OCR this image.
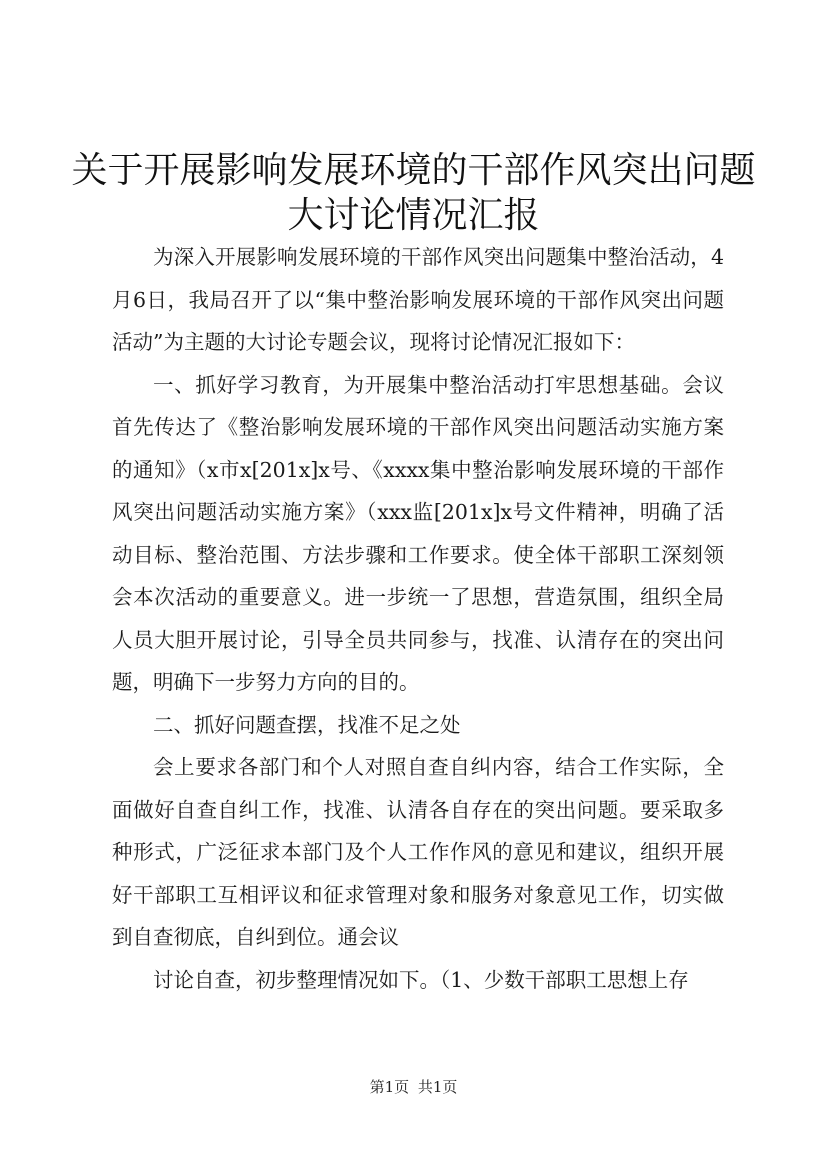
关于开展影响发展环境的干部作风突出问题大讨论情况汇报

为深入开展影响发展环境的干部作风突出问题集中整治活动，4月6日，我局召开了以“集中整治影响发展环境的干部作风突出问题活动”为主题的大讨论专题会议，现将讨论情况汇报如下：

一、抓好学习教育，为开展集中整治活动打牢思想基础。会议首先传达了《整治影响发展环境的干部作风突出问题活动实施方案的通知》（x市x[201x]x号、《xxxx集中整治影响发展环境的干部作风突出问题活动实施方案》（xxx监[201x]x号文件精神，明确了活动目标、整治范围、方法步骤和工作要求。使全体干部职工深刻领会本次活动的重要意义。进一步统一了思想，营造氛围，组织全局人员大胆开展讨论，引导全员共同参与，找准、认清存在的突出问题，明确下一步努力方向的目的。

二、抓好问题查摆，找准不足之处

会上要求各部门和个人对照自查自纠内容，结合工作实际，全面做好自查自纠工作，找准、认清各自存在的突出问题。要采取多种形式，广泛征求本部门及个人工作作风的意见和建议，组织开展好干部职工互相评议和征求管理对象和服务对象意见工作，切实做到自查彻底，自纠到位。通会议

讨论自查，初步整理情况如下。（1、少数干部职工思想上存

第1页 共1页
